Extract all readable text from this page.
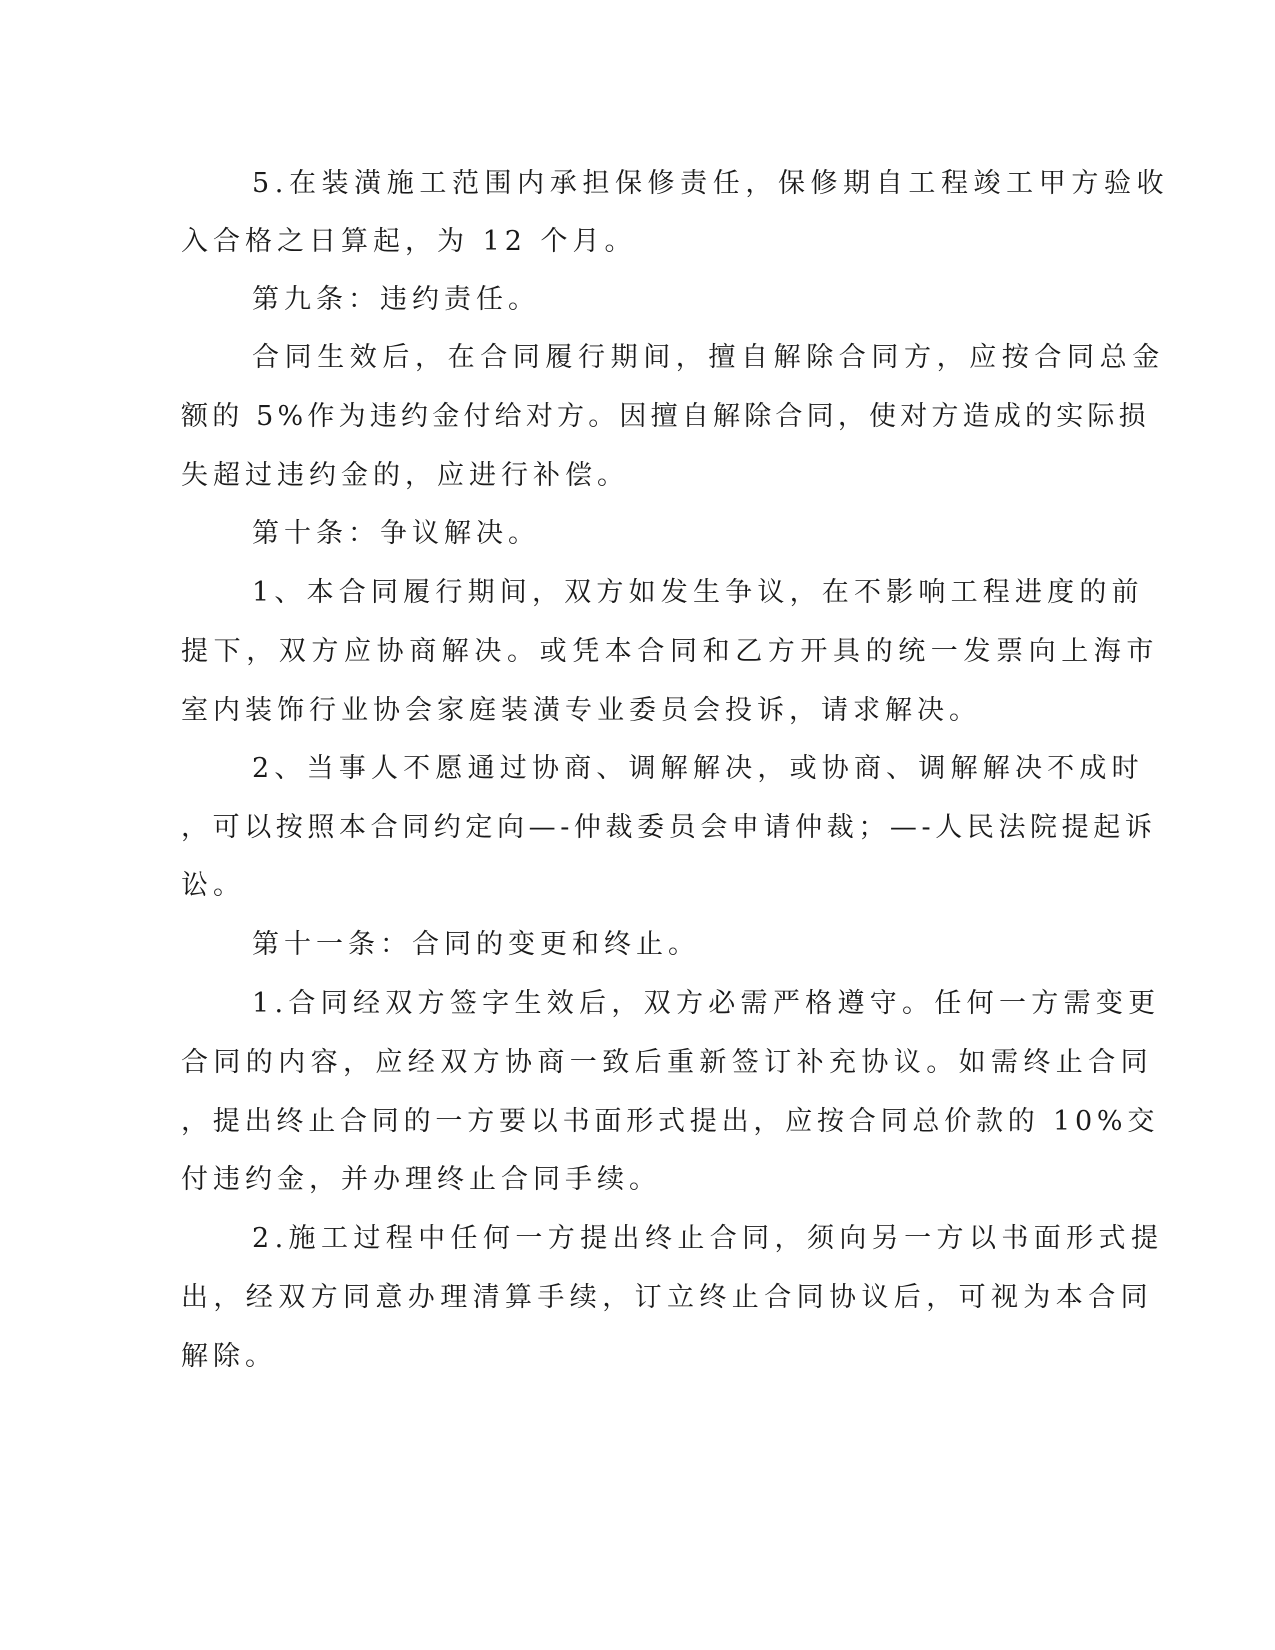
5.在装潢施工范围内承担保修责任，保修期自工程竣工甲方验收
入合格之日算起，为 12 个月。
第九条：违约责任。
合同生效后，在合同履行期间，擅自解除合同方，应按合同总金
额的 5%作为违约金付给对方。因擅自解除合同，使对方造成的实际损
失超过违约金的，应进行补偿。
第十条：争议解决。
1、本合同履行期间，双方如发生争议，在不影响工程进度的前
提下，双方应协商解决。或凭本合同和乙方开具的统一发票向上海市
室内装饰行业协会家庭装潢专业委员会投诉，请求解决。
2、当事人不愿通过协商、调解解决，或协商、调解解决不成时
，可以按照本合同约定向—-仲裁委员会申请仲裁；—-人民法院提起诉
讼。
第十一条：合同的变更和终止。
1.合同经双方签字生效后，双方必需严格遵守。任何一方需变更
合同的内容，应经双方协商一致后重新签订补充协议。如需终止合同
，提出终止合同的一方要以书面形式提出，应按合同总价款的 10%交
付违约金，并办理终止合同手续。
2.施工过程中任何一方提出终止合同，须向另一方以书面形式提
出，经双方同意办理清算手续，订立终止合同协议后，可视为本合同
解除。
